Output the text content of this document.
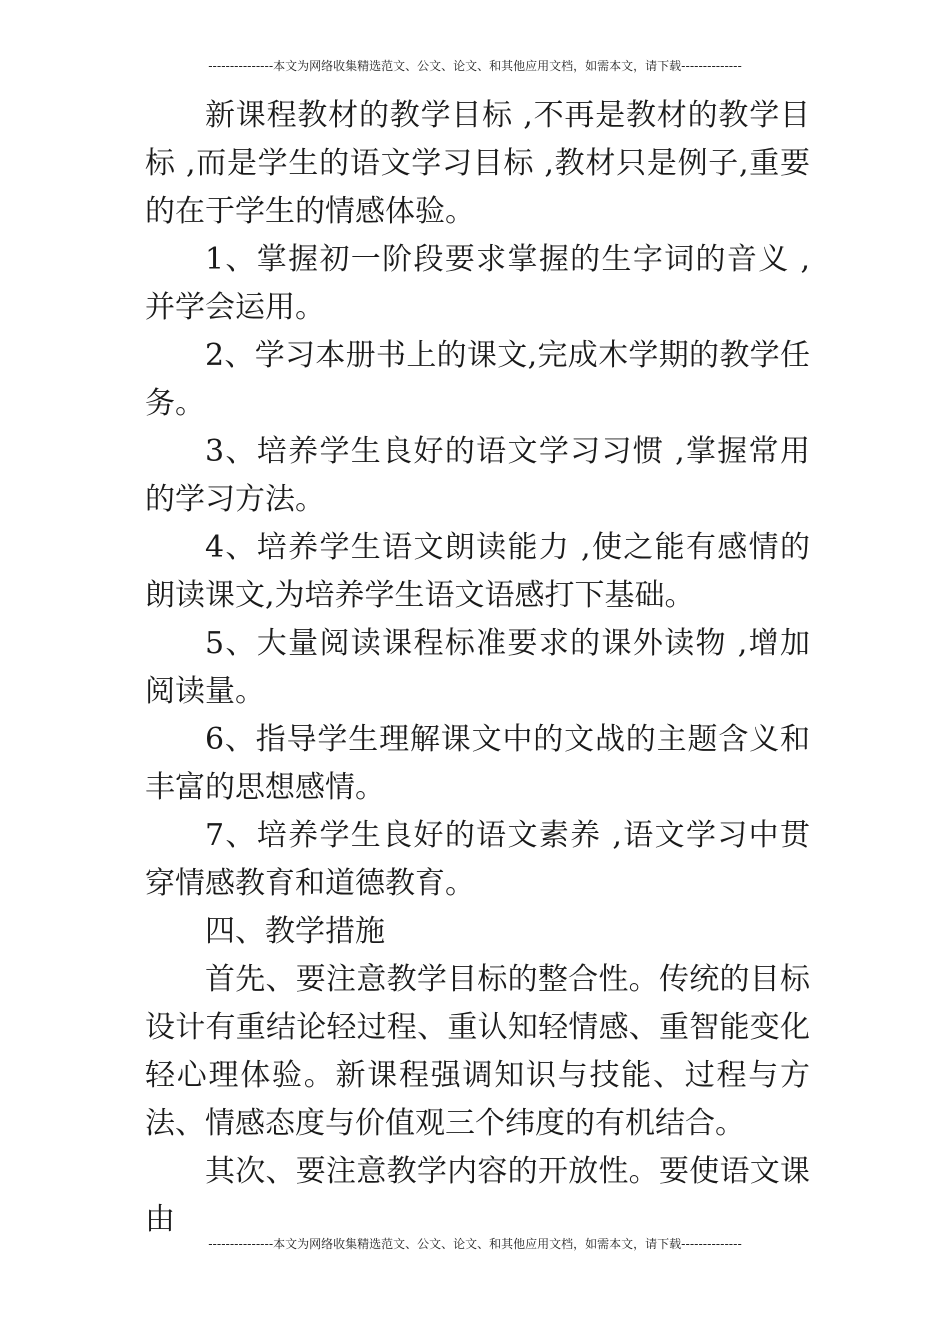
---------------本文为网络收集精选范文、公文、论文、和其他应用文档，如需本文，请下载--------------

新课程教材的教学目标 ,不再是教材的教学目标 ,而是学生的语文学习目标 ,教材只是例子,重要的在于学生的情感体验。

1、掌握初一阶段要求掌握的生字词的音义 ,并学会运用。

2、学习本册书上的课文,完成木学期的教学任务。

3、培养学生良好的语文学习习惯 ,掌握常用的学习方法。

4、培养学生语文朗读能力 ,使之能有感情的朗读课文,为培养学生语文语感打下基础。

5、大量阅读课程标准要求的课外读物 ,增加阅读量。

6、指导学生理解课文中的文战的主题含义和丰富的思想感情。

7、培养学生良好的语文素养 ,语文学习中贯穿情感教育和道德教育。

四、教学措施

首先、要注意教学目标的整合性。传统的目标设计有重结论轻过程、重认知轻情感、重智能变化轻心理体验。新课程强调知识与技能、过程与方法、情感态度与价值观三个纬度的有机结合。

其次、要注意教学内容的开放性。要使语文课由

---------------本文为网络收集精选范文、公文、论文、和其他应用文档，如需本文，请下载--------------
